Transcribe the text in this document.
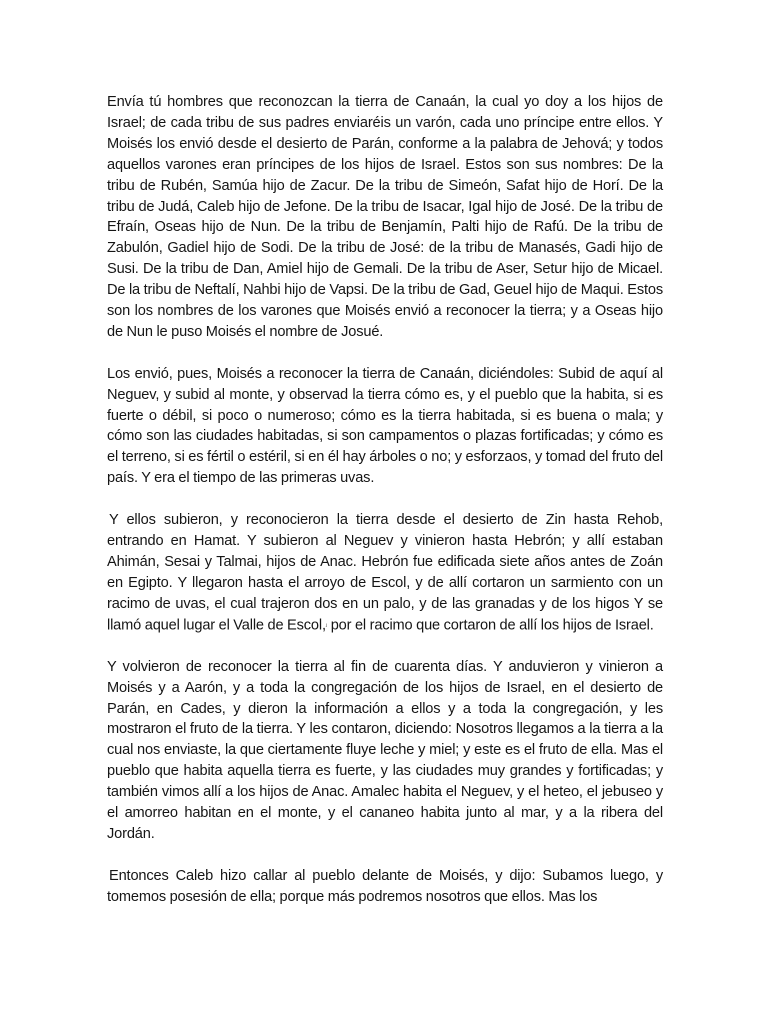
Envía tú hombres que reconozcan la tierra de Canaán, la cual yo doy a los hijos de Israel; de cada tribu de sus padres enviaréis un varón, cada uno príncipe entre ellos. Y Moisés los envió desde el desierto de Parán, conforme a la palabra de Jehová; y todos aquellos varones eran príncipes de los hijos de Israel. Estos son sus nombres: De la tribu de Rubén, Samúa hijo de Zacur. De la tribu de Simeón, Safat hijo de Horí. De la tribu de Judá, Caleb hijo de Jefone. De la tribu de Isacar, Igal hijo de José. De la tribu de Efraín, Oseas hijo de Nun. De la tribu de Benjamín, Palti hijo de Rafú. De la tribu de Zabulón, Gadiel hijo de Sodi. De la tribu de José: de la tribu de Manasés, Gadi hijo de Susi. De la tribu de Dan, Amiel hijo de Gemali. De la tribu de Aser, Setur hijo de Micael. De la tribu de Neftalí, Nahbi hijo de Vapsi. De la tribu de Gad, Geuel hijo de Maqui. Estos son los nombres de los varones que Moisés envió a reconocer la tierra; y a Oseas hijo de Nun le puso Moisés el nombre de Josué.

Los envió, pues, Moisés a reconocer la tierra de Canaán, diciéndoles: Subid de aquí al Neguev, y subid al monte, y observad la tierra cómo es, y el pueblo que la habita, si es fuerte o débil, si poco o numeroso; cómo es la tierra habitada, si es buena o mala; y cómo son las ciudades habitadas, si son campamentos o plazas fortificadas; y cómo es el terreno, si es fértil o estéril, si en él hay árboles o no; y esforzaos, y tomad del fruto del país. Y era el tiempo de las primeras uvas.

Y ellos subieron, y reconocieron la tierra desde el desierto de Zin hasta Rehob, entrando en Hamat. Y subieron al Neguev y vinieron hasta Hebrón; y allí estaban Ahimán, Sesai y Talmai, hijos de Anac. Hebrón fue edificada siete años antes de Zoán en Egipto. Y llegaron hasta el arroyo de Escol, y de allí cortaron un sarmiento con un racimo de uvas, el cual trajeron dos en un palo, y de las granadas y de los higos Y se llamó aquel lugar el Valle de Escol,ⱼ por el racimo que cortaron de allí los hijos de Israel.

Y volvieron de reconocer la tierra al fin de cuarenta días. Y anduvieron y vinieron a Moisés y a Aarón, y a toda la congregación de los hijos de Israel, en el desierto de Parán, en Cades, y dieron la información a ellos y a toda la congregación, y les mostraron el fruto de la tierra. Y les contaron, diciendo: Nosotros llegamos a la tierra a la cual nos enviaste, la que ciertamente fluye leche y miel; y este es el fruto de ella. Mas el pueblo que habita aquella tierra es fuerte, y las ciudades muy grandes y fortificadas; y también vimos allí a los hijos de Anac. Amalec habita el Neguev, y el heteo, el jebuseo y el amorreo habitan en el monte, y el cananeo habita junto al mar, y a la ribera del Jordán.

Entonces Caleb hizo callar al pueblo delante de Moisés, y dijo: Subamos luego, y tomemos posesión de ella; porque más podremos nosotros que ellos. Mas los
